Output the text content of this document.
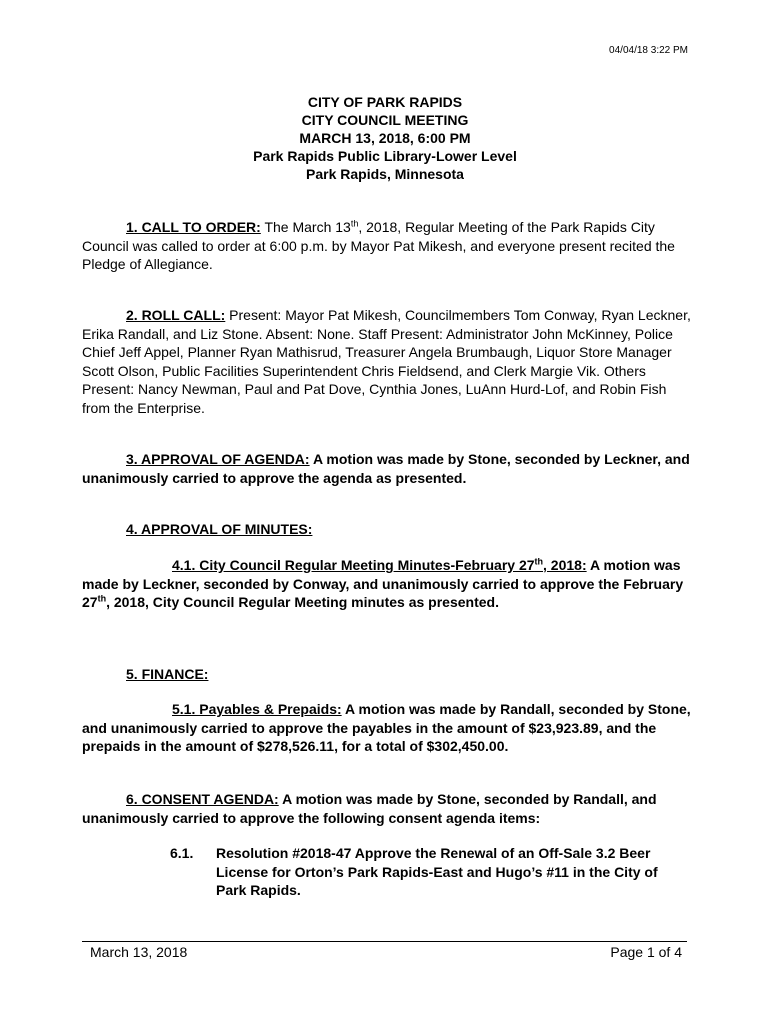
04/04/18 3:22 PM
CITY OF PARK RAPIDS
CITY COUNCIL MEETING
MARCH 13, 2018, 6:00 PM
Park Rapids Public Library-Lower Level
Park Rapids, Minnesota
1. CALL TO ORDER: The March 13th, 2018, Regular Meeting of the Park Rapids City Council was called to order at 6:00 p.m. by Mayor Pat Mikesh, and everyone present recited the Pledge of Allegiance.
2. ROLL CALL: Present: Mayor Pat Mikesh, Councilmembers Tom Conway, Ryan Leckner, Erika Randall, and Liz Stone. Absent: None. Staff Present: Administrator John McKinney, Police Chief Jeff Appel, Planner Ryan Mathisrud, Treasurer Angela Brumbaugh, Liquor Store Manager Scott Olson, Public Facilities Superintendent Chris Fieldsend, and Clerk Margie Vik. Others Present: Nancy Newman, Paul and Pat Dove, Cynthia Jones, LuAnn Hurd-Lof, and Robin Fish from the Enterprise.
3. APPROVAL OF AGENDA: A motion was made by Stone, seconded by Leckner, and unanimously carried to approve the agenda as presented.
4. APPROVAL OF MINUTES:
4.1. City Council Regular Meeting Minutes-February 27th, 2018: A motion was made by Leckner, seconded by Conway, and unanimously carried to approve the February 27th, 2018, City Council Regular Meeting minutes as presented.
5. FINANCE:
5.1. Payables & Prepaids: A motion was made by Randall, seconded by Stone, and unanimously carried to approve the payables in the amount of $23,923.89, and the prepaids in the amount of $278,526.11, for a total of $302,450.00.
6. CONSENT AGENDA: A motion was made by Stone, seconded by Randall, and unanimously carried to approve the following consent agenda items:
6.1. Resolution #2018-47 Approve the Renewal of an Off-Sale 3.2 Beer License for Orton’s Park Rapids-East and Hugo’s #11 in the City of Park Rapids.
March 13, 2018	Page 1 of 4
